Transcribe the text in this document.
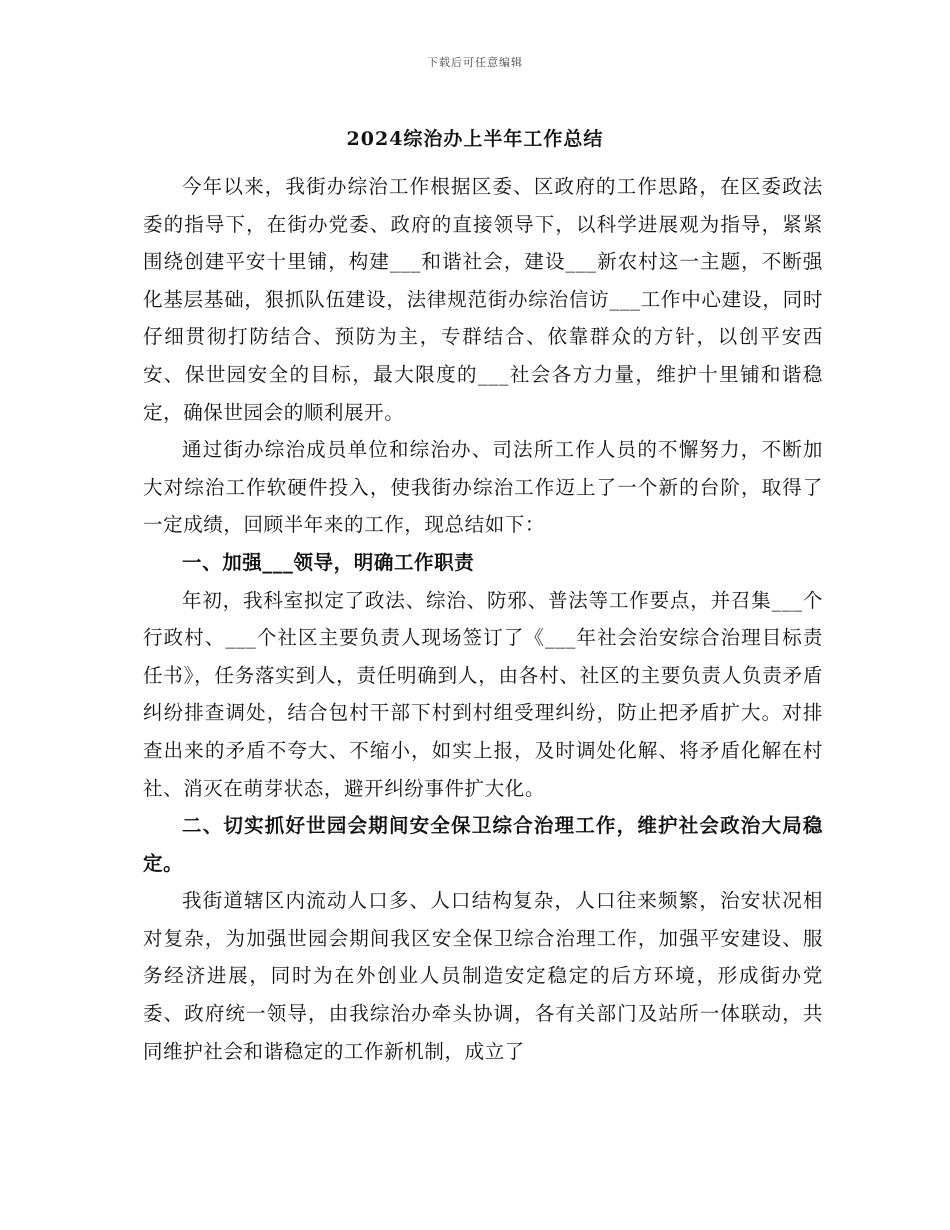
下载后可任意编辑
2024综治办上半年工作总结

今年以来，我街办综治工作根据区委、区政府的工作思路，在区委政法委的指导下，在街办党委、政府的直接领导下，以科学进展观为指导，紧紧围绕创建平安十里铺，构建___和谐社会，建设___新农村这一主题，不断强化基层基础，狠抓队伍建设，法律规范街办综治信访___工作中心建设，同时仔细贯彻打防结合、预防为主，专群结合、依靠群众的方针，以创平安西安、保世园安全的目标，最大限度的___社会各方力量，维护十里铺和谐稳定，确保世园会的顺利展开。

通过街办综治成员单位和综治办、司法所工作人员的不懈努力，不断加大对综治工作软硬件投入，使我街办综治工作迈上了一个新的台阶，取得了一定成绩，回顾半年来的工作，现总结如下：

一、加强___领导，明确工作职责

年初，我科室拟定了政法、综治、防邪、普法等工作要点，并召集___个行政村、___个社区主要负责人现场签订了《___年社会治安综合治理目标责任书》，任务落实到人，责任明确到人，由各村、社区的主要负责人负责矛盾纠纷排查调处，结合包村干部下村到村组受理纠纷，防止把矛盾扩大。对排查出来的矛盾不夸大、不缩小，如实上报，及时调处化解、将矛盾化解在村社、消灭在萌芽状态，避开纠纷事件扩大化。

二、切实抓好世园会期间安全保卫综合治理工作，维护社会政治大局稳定。

我街道辖区内流动人口多、人口结构复杂，人口往来频繁，治安状况相对复杂，为加强世园会期间我区安全保卫综合治理工作，加强平安建设、服务经济进展，同时为在外创业人员制造安定稳定的后方环境，形成街办党委、政府统一领导，由我综治办牵头协调，各有关部门及站所一体联动，共同维护社会和谐稳定的工作新机制，成立了
